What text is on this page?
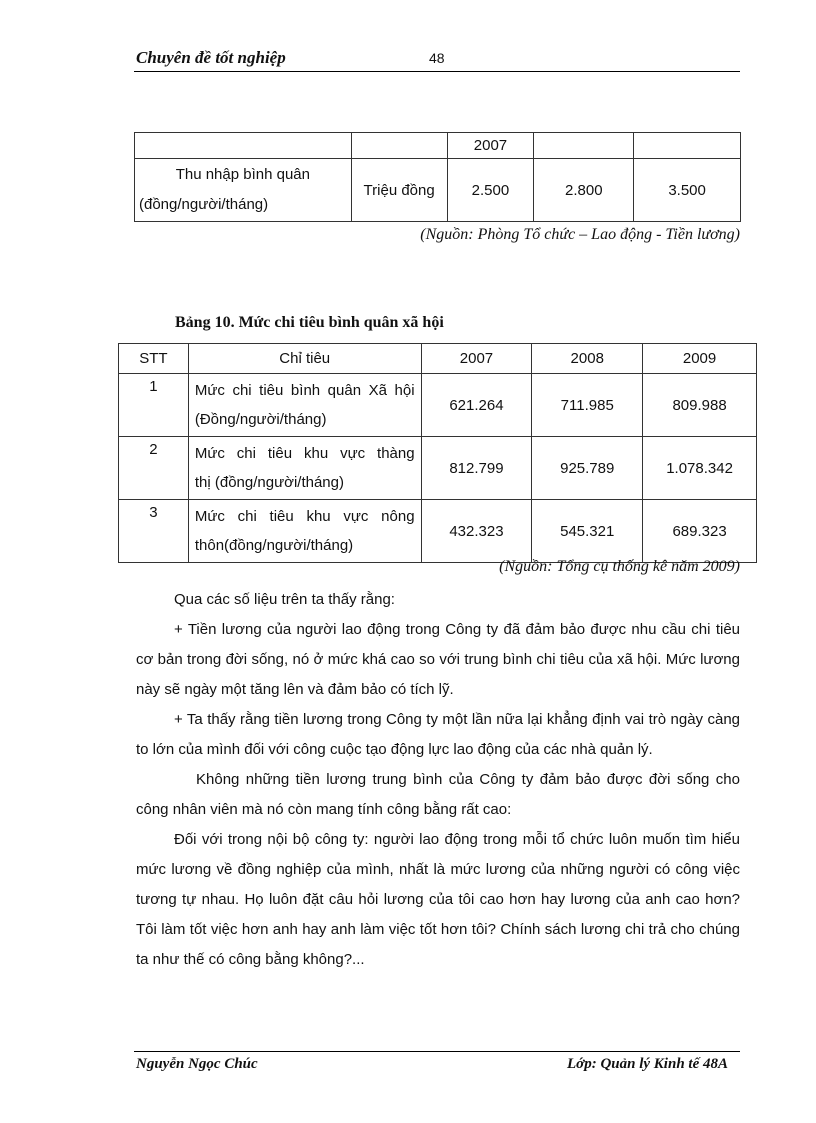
Chuyên đề tốt nghiệp	48
		2007		

Thu nhập bình quân
(đồng/người/tháng)	Triệu đồng	2.500	2.800	3.500
(Nguồn: Phòng Tổ chức – Lao động - Tiền lương)
Bảng 10. Mức chi tiêu bình quân xã hội
STT	Chỉ tiêu	2007	2008	2009
1	Mức chi tiêu bình quân Xã hội
(Đồng/người/tháng)	621.264	711.985	809.988
2	Mức chi tiêu khu vực thàng
thị (đồng/người/tháng)	812.799	925.789	1.078.342
3	Mức chi tiêu khu vực nông
thôn(đồng/người/tháng)	432.323	545.321	689.323
(Nguồn: Tổng cụ thống kê năm 2009)

Qua các số liệu trên ta thấy rằng:

+ Tiền lương của người lao động trong Công ty đã đảm bảo được nhu cầu chi tiêu cơ bản trong đời sống, nó ở mức khá cao so với trung bình chi tiêu của xã hội. Mức lương này sẽ ngày một tăng lên và đảm bảo có tích lỹ.

+ Ta thấy rằng tiền lương trong Công ty một lần nữa lại khẳng định vai trò ngày càng to lớn của mình đối với công cuộc tạo động lực lao động của các nhà quản lý.

Không những tiền lương trung bình của Công ty đảm bảo được đời sống cho công nhân viên mà nó còn mang tính công bằng rất cao:

Đối với trong nội bộ công ty: người lao động trong mỗi tổ chức luôn muốn tìm hiểu mức lương về đồng nghiệp của mình, nhất là mức lương của những người có công việc tương tự nhau. Họ luôn đặt câu hỏi lương của tôi cao hơn hay lương của anh cao hơn? Tôi làm tốt việc hơn anh hay anh làm việc tốt hơn tôi? Chính sách lương chi trả cho chúng ta như thế có công bằng không?...

Nguyễn Ngọc Chúc	Lớp: Quản lý Kinh tế 48A
